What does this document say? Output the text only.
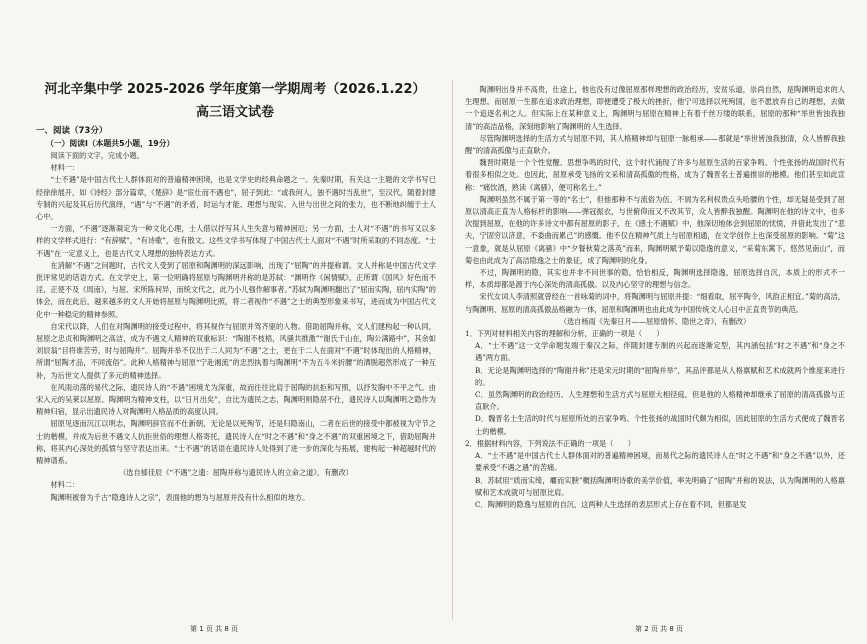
河北辛集中学 2025-2026 学年度第一学期周考（2026.1.22）
高三语文试卷
一、阅读（73分）
（一）阅读Ⅰ（本题共5小题，19分）

阅读下面的文字，完成小题。

材料一：

“士不遇”是中国古代士人群体面对的普遍精神困境，也是文学史的经典命题之一。先秦时期，有关这一主题的文学书写已经徐徐展开，如《诗经》部分篇章，《楚辞》是“宦仕而不遇也”，屈子到此：“或我何人，独不遇时当乱世”，至汉代，随着封建专制的兴起及其后历代演绎，“遇”与“不遇”的矛盾，时运与才能、理想与现实、入世与出世之间的张力，也不断地纠缠于士人心中。

一方面，“不遇”逐渐凝定为一种文化心理，士人借以抒写其人生失意与精神困厄；另一方面，士人对“不遇”的书写又以多样的文学样式进行：“有辞赋”，“有诗歌”，也有散文。这些文学书写体现了中国古代士人面对“不遇”时所采取的不同态度。“士不遇”在一定意义上，也是古代文人理想的独特表达方式。

在消解“不遇”之问题时，古代文人受到了屈原和陶渊明的深远影响，出现了“屈陶”的并提称谓。文人并称是中国古代文学批评常见的话语方式。在文学史上，第一位明确将屈原与陶渊明并称的是苏轼：“渊明作《闲情赋》，正所谓《国风》好色而不淫，正使不及《周南》，与屈、宋所陈何异，而统文代之，此乃小儿强作解事者。”苏轼为陶渊明翻出了“屈而实陶，屈内实陶”的体会，而在此后，越来越多的文人开始将屈原与陶渊明比照，将二者视作“不遇”之士的典型形象来书写，进而成为中国古代文化中一种稳定的精神参照。

自宋代以降，人们在对陶渊明的接受过程中，将其视作与屈原并驾齐驱的人物。借助屈陶并称，文人们建构起一种认同，屈原之忠贞和陶渊明之高洁，成为不遇文人精神的双重标识：“陶谢不枝梧，风骚共推激”“谢氏千山在，陶公满路中”，其余如刘辰翁“目将谁苦劳，时与屈陶并”。屈陶并举不仅出于二人同为“不遇”之士，更在于二人在面对“不遇”时体现出的人格精神，所谓“屈陶才品，不同流俗”。此种人格精神与屈原“宁赴湘流”的忠烈执着与陶渊明“不为五斗米折腰”的洒脱超然形成了一种互补，为后世文人提供了多元的精神选择。

在风雨动荡的易代之际，遗民诗人的“不遇”困境尤为深重，故而往往比肩于屈陶的抗拒和写照，以抒发胸中不平之气。由宋入元的吴莱以屈原、陶渊明为精神支柱，以“日月出矣”，自比为遗民之志，陶渊明则隐居不仕，遗民诗人以陶渊明之隐作为精神归宿，显示出遗民诗人对陶渊明人格品质的高度认同。

屈原见逐而沉江以明志，陶渊明辞官而不仕新朝，无论是以死殉节，还是归隐南山，二者在后世的接受中都被视为守节之士的楷模，并成为后世不遇文人抗拒世俗的理想人格寄托，遗民诗人在“时之不遇”和“身之不遇”的双重困境之下，借助屈陶并称，将其内心深处的孤愤与坚守表达出来。“士不遇”的话语在遗民诗人处得到了进一步的深化与拓展，建构起一种超越时代的精神谱系。

（选自郁佳辰《“不遇”之遗：屈陶并称与遗民诗人的立命之道》，有删改）

材料二：

陶渊明被誉为千古“隐逸诗人之宗”，表面他的想为与屈原并没有什么相似的地方。

陶渊明出身并不高贵，仕途上，他也没有过像屈原那样理想的政治经历，安贫乐道，崇尚自然，是陶渊明追求的人生理想。而屈原一生都在追求政治理想，即便遭受了极大的挫折，他宁可选择以死殉国，也不愿放弃自己的理想，去做一个追逐名利之人。但实际上在某种意义上，陶渊明与屈原在精神上有着千丝万缕的联系，屈原的那种“举世皆浊我独清”的高洁品格，深刻地影响了陶渊明的人生选择。

尽管陶渊明选择的生活方式与屈原不同，其人格精神却与屈原一脉相承——那就是“举世皆浊我独清，众人皆醉我独醒”的清高孤傲与正直耿介。

魏晋时期是一个个性觉醒、思想争鸣的时代，这个时代涌现了许多与屈原生活的百家争鸣、个性张扬的战国时代有着很多相似之处。也因此，屈原承受飞扬的文采和清高孤傲的性格，成为了魏晋名士普遍推崇的楷模。他们甚至如此宣称：“痛饮酒，熟读《离骚》，便可称名士。”

陶渊明虽然不属于第一等的“名士”，但他那种不与流俗为伍、不屑为名利权贵点头哈腰的个性，却无疑是受到了屈原以清高正直为人格标杆的影响——弹冠振衣，与世俯仰而又不改其节，众人皆醉我独醒。陶渊明在他的诗文中，也多次提到屈原，在他的许多诗文中都有屈原的影子，在《感士不遇赋》中，他深切地体会到屈原的忧愤，并借此发出了“悲夫，宁固穷以济意，不委曲而累己”的感慨。他不仅在精神气质上与屈原相通，在文学创作上也深受屈原的影响。“菊”这一意象，就是从屈原《离骚》中“夕餐秋菊之落英”而来，陶渊明赋予菊以隐逸的意义，“采菊东篱下，悠然见南山”，而菊也由此成为了高洁隐逸之士的象征，成了陶渊明的化身。

不过，陶渊明的隐，其实也并非不问世事的隐，恰恰相反，陶渊明选择隐逸，屈原选择自沉，本质上的形式不一样，本质却都是源于内心深处的清高孤傲。以及内心坚守的理想与信念。

宋代女词人李清照就曾经在一首咏菊的词中，将陶渊明与屈原并提：“细看取，屈平陶令，风韵正相宜。”菊的高洁，与陶渊明、屈原的清高孤傲品格融为一体，屈原和陶渊明也由此成为中国传统文人心目中正直贵节的典范。

（选自杨雨《先秦日月——屈原情怀、隐世之奇》，有删改）

1．下列对材料相关内容的理解和分析，正确的一项是（　　）

A．“士不遇”这一文学命题发端于秦汉之际，伴随封建专制的兴起而逐渐定型，其内涵包括“时之不遇”和“身之不遇”两方面。

B．无论是陶渊明选择的“陶谢并称”还是宋元时期的“屈陶并举”，其品评都是从人格禀赋和艺术成就两个维度来进行的。

C．虽然陶渊明的政治经历、人生理想和生活方式与屈原大相径庭，但是他的人格精神却继承了屈原的清高孤傲与正直耿介。

D．魏晋名士生活的时代与屈原所处的百家争鸣、个性张扬的战国时代颇为相似，因此屈原的生活方式便成了魏晋名士的楷模。

2．根据材料内容，下列说法不正确的一项是（　　）

A．“士不遇”是中国古代士人群体面对的普遍精神困境，而易代之际的遗民诗人在“时之不遇”和“身之不遇”以外，还要承受“不遇之遇”的苦痛。

B．苏轼用“质而实绮，癯而实腴”概括陶渊明诗歌的美学价值，率先明确了“屈陶”并称的说法，认为陶渊明的人格禀赋和艺术成就可与屈原比肩。

C．陶渊明的隐逸与屈原的自沉，这两种人生选择的表层形式上存在着不同，但都是发

第 1 页 共 8 页	第 2 页 共 8 页
